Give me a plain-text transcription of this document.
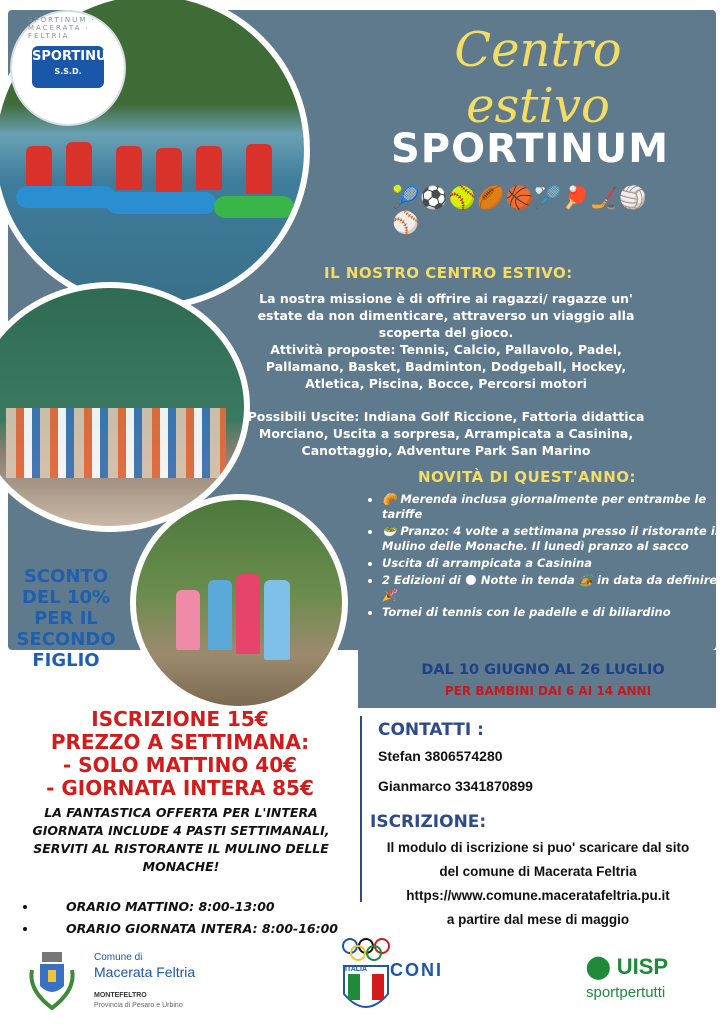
SPORTINUM · MACERATA · FELTRIA
SPORTINUM
S.S.D.	Centro estivo
SPORTINUM
🎾⚽🥎🏉🏀🏸🏓🏒🏐⚾
IL NOSTRO CENTRO ESTIVO:
La nostra missione è di offrire ai ragazzi/ ragazze un' estate da non dimenticare, attraverso un viaggio alla scoperta del gioco.
Attività proposte: Tennis, Calcio, Pallavolo, Padel, Pallamano, Basket, Badminton, Dodgeball, Hockey, Atletica, Piscina, Bocce, Percorsi motori
Possibili Uscite: Indiana Golf Riccione, Fattoria didattica Morciano, Uscita a sorpresa, Arrampicata a Casinina, Canottaggio, Adventure Park San Marino
NOVITÀ DI QUEST'ANNO:
• 🥐 Merenda inclusa giornalmente per entrambe le tariffe
• 🥗 Pranzo: 4 volte a settimana presso il ristorante il Mulino delle Monache. Il lunedì pranzo al sacco
• Uscita di arrampicata a Casinina
• 2 Edizioni di 🌑 Notte in tenda 🏕️ in data da definire 🎉
• Tornei di tennis con le padelle e di biliardino
SCONTO DEL 10% PER IL SECONDO FIGLIO	DAL 10 GIUGNO AL 26 LUGLIO
PER BAMBINI DAI 6 AI 14 ANNI
ISCRIZIONE 15€
PREZZO A SETTIMANA:
- SOLO MATTINO 40€
- GIORNATA INTERA 85€
LA FANTASTICA OFFERTA PER L'INTERA GIORNATA INCLUDE 4 PASTI SETTIMANALI, SERVITI AL RISTORANTE IL MULINO DELLE MONACHE!
• ORARIO MATTINO: 8:00-13:00
• ORARIO GIORNATA INTERA: 8:00-16:00
CONTATTI :
Stefan 3806574280
Gianmarco 3341870899
ISCRIZIONE:
Il modulo di iscrizione si puo' scaricare dal sito
del comune di Macerata Feltria
https://www.comune.maceratafeltria.pu.it
a partire dal mese di maggio
Comune di
Macerata Feltria
MONTEFELTRO
Provincia di Pesaro e Urbino
ITALIA CONI	⬤ UISP
sportpertutti
